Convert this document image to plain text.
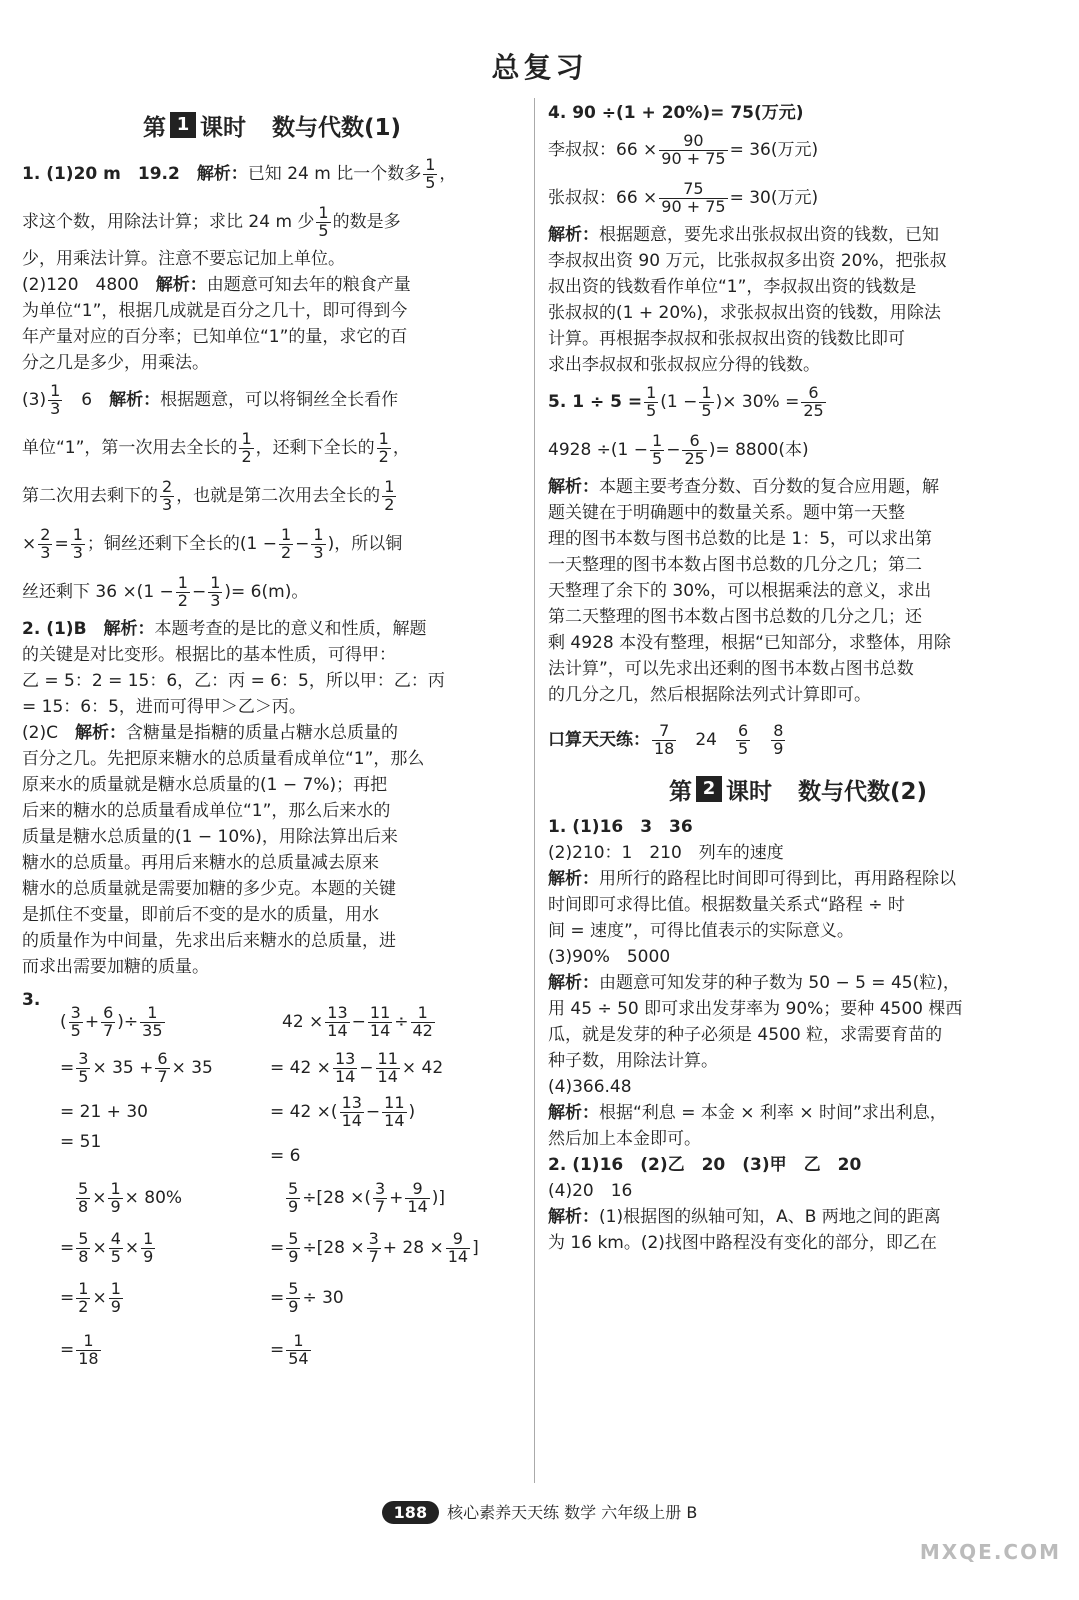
总复习
第 1 课时 数与代数(1)
1. (1)20 m　19.2　解析：已知 24 m 比一个数多 $\frac{1}{5}$ ，
求这个数，用除法计算；求比 24 m 少 $\frac{1}{5}$ 的数是多
少，用乘法计算。注意不要忘记加上单位。
(2)120　4800　解析：由题意可知去年的粮食产量
为单位“1”，根据几成就是百分之几十，即可得到今
年产量对应的百分率；已知单位“1”的量，求它的百
分之几是多少，用乘法。
$(3) \frac{1}{3}$ 　6　解析：根据题意，可以将铜丝全长看作
单位“1”，第一次用去全长的 $\frac{1}{2}$ ，还剩下全长的 $\frac{1}{2}$ ，
第二次用去剩下的 $\frac{2}{3}$ ，也就是第二次用去全长的 $\frac{1}{2}$
× $\frac{2}{3} = \frac{1}{3}$ ；铜丝还剩下全长的($1 - \frac{1}{2} - \frac{1}{3}$ )，所以铜
丝还剩下 $36 \times(1 - \frac{1}{2} - \frac{1}{3}$ )= 6(m)。
2. (1)B　解析：本题考查的是比的意义和性质，解题
的关键是对比变形。根据比的基本性质，可得甲：
乙 = 5：2 = 15：6，乙：丙 = 6：5，所以甲：乙：丙
= 15：6：5，进而可得甲＞乙＞丙。
(2)C　解析：含糖量是指糖的质量占糖水总质量的
百分之几。先把原来糖水的总质量看成单位“1”，那么
原来水的质量就是糖水总质量的(1 − 7%)；再把
后来的糖水的总质量看成单位“1”，那么后来水的
质量是糖水总质量的(1 − 10%)，用除法算出后来
糖水的总质量。再用后来糖水的总质量减去原来
糖水的总质量就是需要加糖的多少克。本题的关键
是抓住不变量，即前后不变的是水的质量，用水
的质量作为中间量，先求出后来糖水的总质量，进
而求出需要加糖的质量。
3.
( $\frac{3}{5} + \frac{6}{7}$ )÷ $\frac{1}{35}$
= $\frac{3}{5} \times 35 + \frac{6}{7} \times 35$
= 21 + 30
= 51
$42 \times \frac{13}{14} - \frac{11}{14} \div \frac{1}{42}$
= $42 \times \frac{13}{14} - \frac{11}{14} \times 42$
= 42 ×( $\frac{13}{14} - \frac{11}{14}$ )
= 6
$\frac{5}{8} \times \frac{1}{9} \times 80\%$
= $\frac{5}{8} \times \frac{4}{5} \times \frac{1}{9}$
= $\frac{1}{2} \times \frac{1}{9}$
= $\frac{1}{18}$
$\frac{5}{9} \div[28$ ×( $\frac{3}{7} + \frac{9}{14}$ )]
= $\frac{5}{9} \div[28 \times \frac{3}{7} + 28 \times \frac{9}{14}$ ]
= $\frac{5}{9} \div 30$
= $\frac{1}{54}$
4. 90 ÷(1 + 20%)= 75(万元)
李叔叔：$66 \times \frac{90}{90 + 75} = 36$(万元)
张叔叔：$66 \times \frac{75}{90 + 75} = 30$(万元)
解析：根据题意，要先求出张叔叔出资的钱数，已知
李叔叔出资 90 万元，比张叔叔多出资 20%，把张叔
叔出资的钱数看作单位“1”，李叔叔出资的钱数是
张叔叔的(1 + 20%)，求张叔叔出资的钱数，用除法
计算。再根据李叔叔和张叔叔出资的钱数比即可
求出李叔叔和张叔叔应分得的钱数。
5. $1 \div 5 = \frac{1}{5} (1 - \frac{1}{5}$ )× $30\% = \frac{6}{25}$
$4928 \div(1 - \frac{1}{5} - \frac{6}{25}$ )= 8800(本)
解析：本题主要考查分数、百分数的复合应用题，解
题关键在于明确题中的数量关系。题中第一天整
理的图书本数与图书总数的比是 1：5，可以求出第
一天整理的图书本数占图书总数的几分之几；第二
天整理了余下的 30%，可以根据乘法的意义，求出
第二天整理的图书本数占图书总数的几分之几；还
剩 4928 本没有整理，根据“已知部分，求整体，用除
法计算”，可以先求出还剩的图书本数占图书总数
的几分之几，然后根据除法列式计算即可。
口算天天练： $\frac{7}{18}$
　 24　 $\frac{6}{5}$
　 $\frac{8}{9}$
第 2 课时 数与代数(2)
1. (1)16　3　36
(2)210：1　210　列车的速度
解析：用所行的路程比时间即可得到比，再用路程除以
时间即可求得比值。根据数量关系式“路程 ÷ 时
间 = 速度”，可得比值表示的实际意义。
(3)90%　5000
解析：由题意可知发芽的种子数为 50 − 5 = 45(粒)，
用 45 ÷ 50 即可求出发芽率为 90%；要种 4500 棵西
瓜，就是发芽的种子必须是 4500 粒，求需要育苗的
种子数，用除法计算。
(4)366.48
解析：根据“利息 = 本金 × 利率 × 时间”求出利息，
然后加上本金即可。
2. (1)16　(2)乙　20　(3)甲　乙　20
(4)20　16
解析：(1)根据图的纵轴可知，A、B 两地之间的距离
为 16 km。(2)找图中路程没有变化的部分，即乙在
188 核心素养天天练 数学 六年级上册 B
MXQE.COM
